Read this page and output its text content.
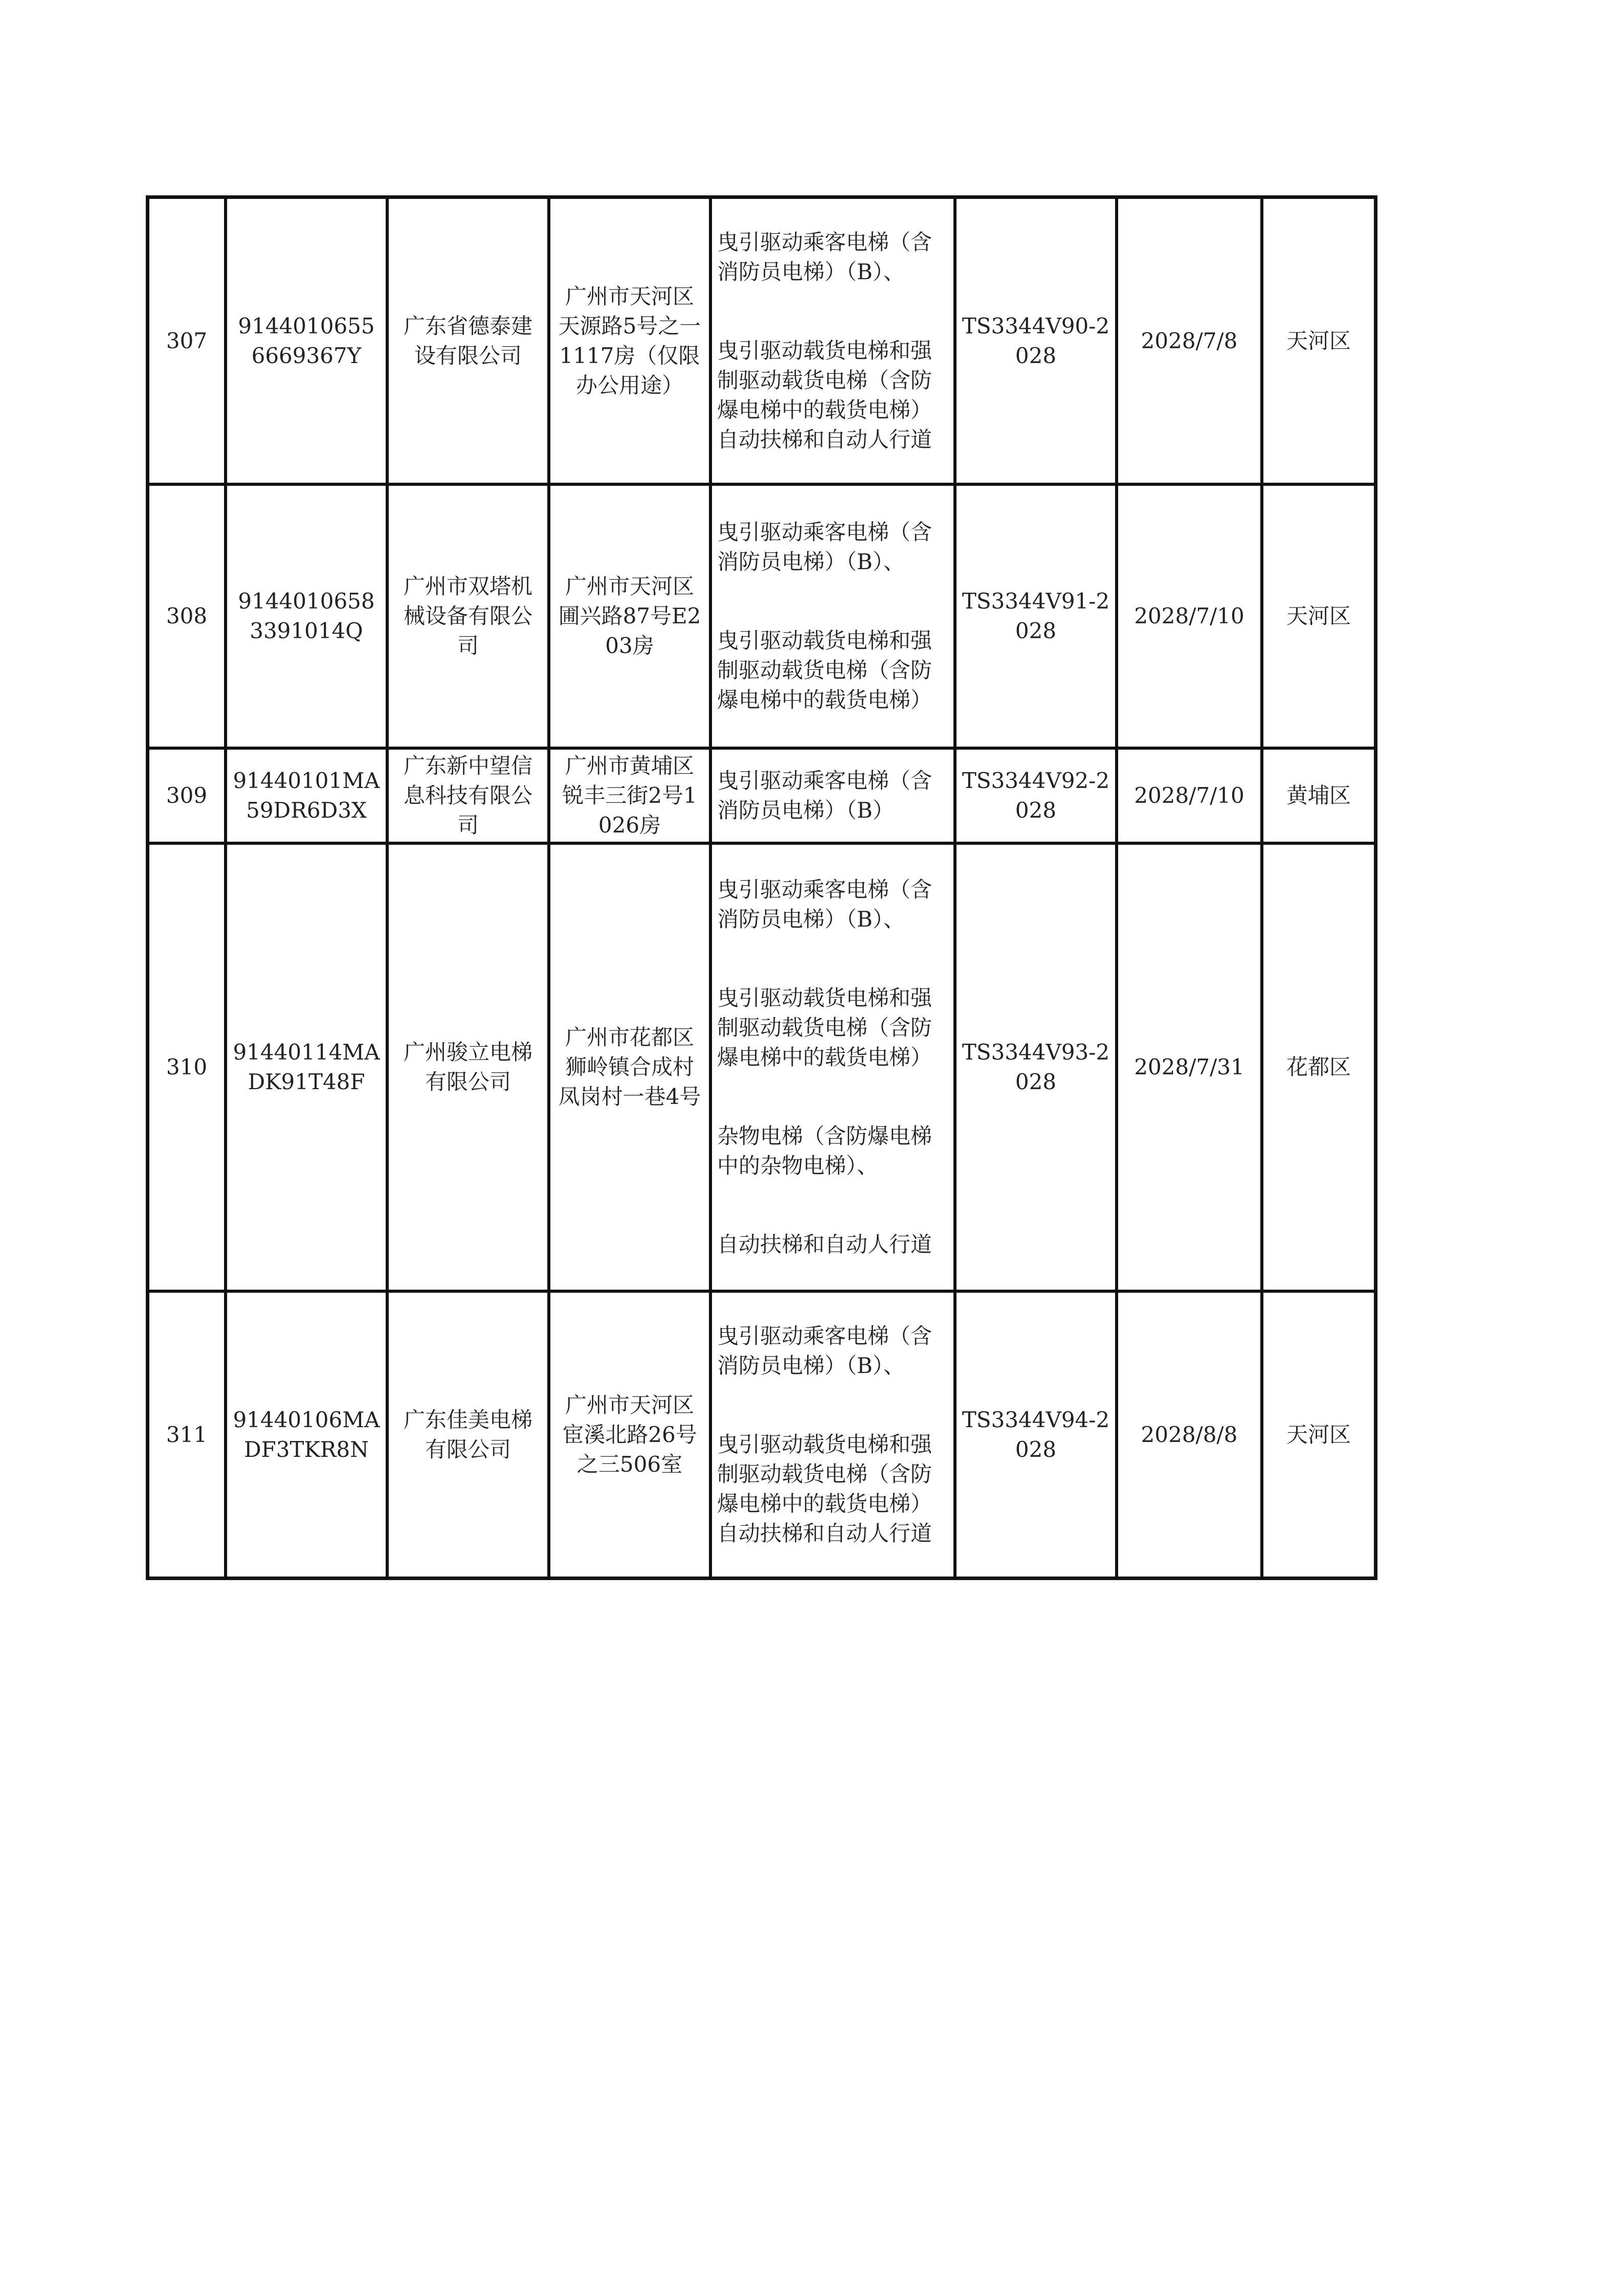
307	91440106556669367Y	广东省德泰建设有限公司	广州市天河区天源路5号之一1117房（仅限办公用途）	曳引驱动乘客电梯（含消防员电梯）（B）、
曳引驱动载货电梯和强制驱动载货电梯（含防爆电梯中的载货电梯）
自动扶梯和自动人行道	TS3344V90-2028	2028/7/8	天河区

308	91440106583391014Q	广州市双塔机械设备有限公司	广州市天河区圃兴路87号E203房	曳引驱动乘客电梯（含消防员电梯）（B）、
曳引驱动载货电梯和强制驱动载货电梯（含防爆电梯中的载货电梯）	TS3344V91-2028	2028/7/10	天河区

309	91440101MA59DR6D3X	广东新中望信息科技有限公司	广州市黄埔区锐丰三街2号1026房	曳引驱动乘客电梯（含消防员电梯）（B）	TS3344V92-2028	2028/7/10	黄埔区

310	91440114MADK91T48F	广州骏立电梯有限公司	广州市花都区狮岭镇合成村凤岗村一巷4号	曳引驱动乘客电梯（含消防员电梯）（B）、
曳引驱动载货电梯和强制驱动载货电梯（含防爆电梯中的载货电梯）
杂物电梯（含防爆电梯中的杂物电梯）、
自动扶梯和自动人行道	TS3344V93-2028	2028/7/31	花都区

311	91440106MADF3TKR8N	广东佳美电梯有限公司	广州市天河区宦溪北路26号之三506室	曳引驱动乘客电梯（含消防员电梯）（B）、
曳引驱动载货电梯和强制驱动载货电梯（含防爆电梯中的载货电梯）
自动扶梯和自动人行道	TS3344V94-2028	2028/8/8	天河区
